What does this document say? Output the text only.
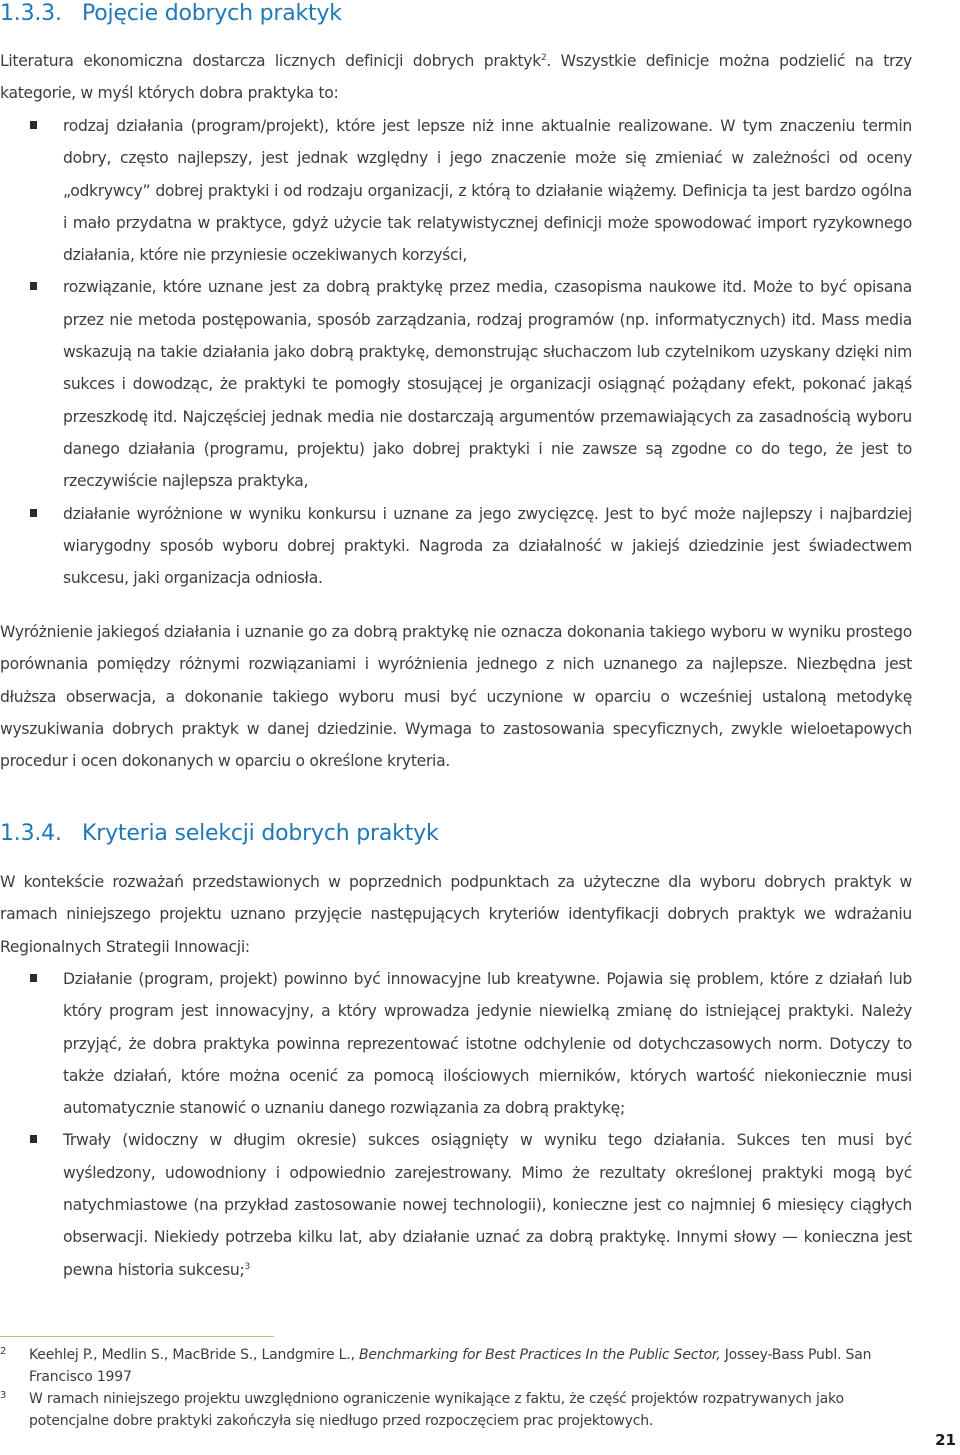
1.3.3. Pojęcie dobrych praktyk

Literatura ekonomiczna dostarcza licznych definicji dobrych praktyk$^2$. Wszystkie definicje można podzielić na trzy kategorie, w myśl których dobra praktyka to:

rodzaj działania (program/projekt), które jest lepsze niż inne aktualnie realizowane. W tym znaczeniu termin dobry, często najlepszy, jest jednak względny i jego znaczenie może się zmieniać w zależności od oceny „odkrywcy” dobrej praktyki i od rodzaju organizacji, z którą to działanie wiążemy. Definicja ta jest bardzo ogólna i mało przydatna w praktyce, gdyż użycie tak relatywistycznej definicji może spowodować import ryzykownego działania, które nie przyniesie oczekiwanych korzyści,
rozwiązanie, które uznane jest za dobrą praktykę przez media, czasopisma naukowe itd. Może to być opisana przez nie metoda postępowania, sposób zarządzania, rodzaj programów (np. informatycznych) itd. Mass media wskazują na takie działania jako dobrą praktykę, demonstrując słuchaczom lub czytelnikom uzyskany dzięki nim sukces i dowodząc, że praktyki te pomogły stosującej je organizacji osiągnąć pożądany efekt, pokonać jakąś przeszkodę itd. Najczęściej jednak media nie dostarczają argumentów przemawiających za zasadnością wyboru danego działania (programu, projektu) jako dobrej praktyki i nie zawsze są zgodne co do tego, że jest to rzeczywiście najlepsza praktyka,
działanie wyróżnione w wyniku konkursu i uznane za jego zwycięzcę. Jest to być może najlepszy i najbardziej wiarygodny sposób wyboru dobrej praktyki. Nagroda za działalność w jakiejś dziedzinie jest świadectwem sukcesu, jaki organizacja odniosła.

Wyróżnienie jakiegoś działania i uznanie go za dobrą praktykę nie oznacza dokonania takiego wyboru w wyniku prostego porównania pomiędzy różnymi rozwiązaniami i wyróżnienia jednego z nich uznanego za najlepsze. Niezbędna jest dłuższa obserwacja, a dokonanie takiego wyboru musi być uczynione w oparciu o wcześniej ustaloną metodykę wyszukiwania dobrych praktyk w danej dziedzinie. Wymaga to zastosowania specyficznych, zwykle wieloetapowych procedur i ocen dokonanych w oparciu o określone kryteria.

1.3.4. Kryteria selekcji dobrych praktyk

W kontekście rozważań przedstawionych w poprzednich podpunktach za użyteczne dla wyboru dobrych praktyk w ramach niniejszego projektu uznano przyjęcie następujących kryteriów identyfikacji dobrych praktyk we wdrażaniu Regionalnych Strategii Innowacji:

Działanie (program, projekt) powinno być innowacyjne lub kreatywne. Pojawia się problem, które z działań lub który program jest innowacyjny, a który wprowadza jedynie niewielką zmianę do istniejącej praktyki. Należy przyjąć, że dobra praktyka powinna reprezentować istotne odchylenie od dotychczasowych norm. Dotyczy to także działań, które można ocenić za pomocą ilościowych mierników, których wartość niekoniecznie musi automatycznie stanowić o uznaniu danego rozwiązania za dobrą praktykę;
Trwały (widoczny w długim okresie) sukces osiągnięty w wyniku tego działania. Sukces ten musi być wyśledzony, udowodniony i odpowiednio zarejestrowany. Mimo że rezultaty określonej praktyki mogą być natychmiastowe (na przykład zastosowanie nowej technologii), konieczne jest co najmniej 6 miesięcy ciągłych obserwacji. Niekiedy potrzeba kilku lat, aby działanie uznać za dobrą praktykę. Innymi słowy — konieczna jest pewna historia sukcesu;$^3$

2 Keehlej P., Medlin S., MacBride S., Landgmire L., Benchmarking for Best Practices In the Public Sector, Jossey-Bass Publ. San Francisco 1997

3 W ramach niniejszego projektu uwzględniono ograniczenie wynikające z faktu, że część projektów rozpatrywanych jako potencjalne dobre praktyki zakończyła się niedługo przed rozpoczęciem prac projektowych.

21
